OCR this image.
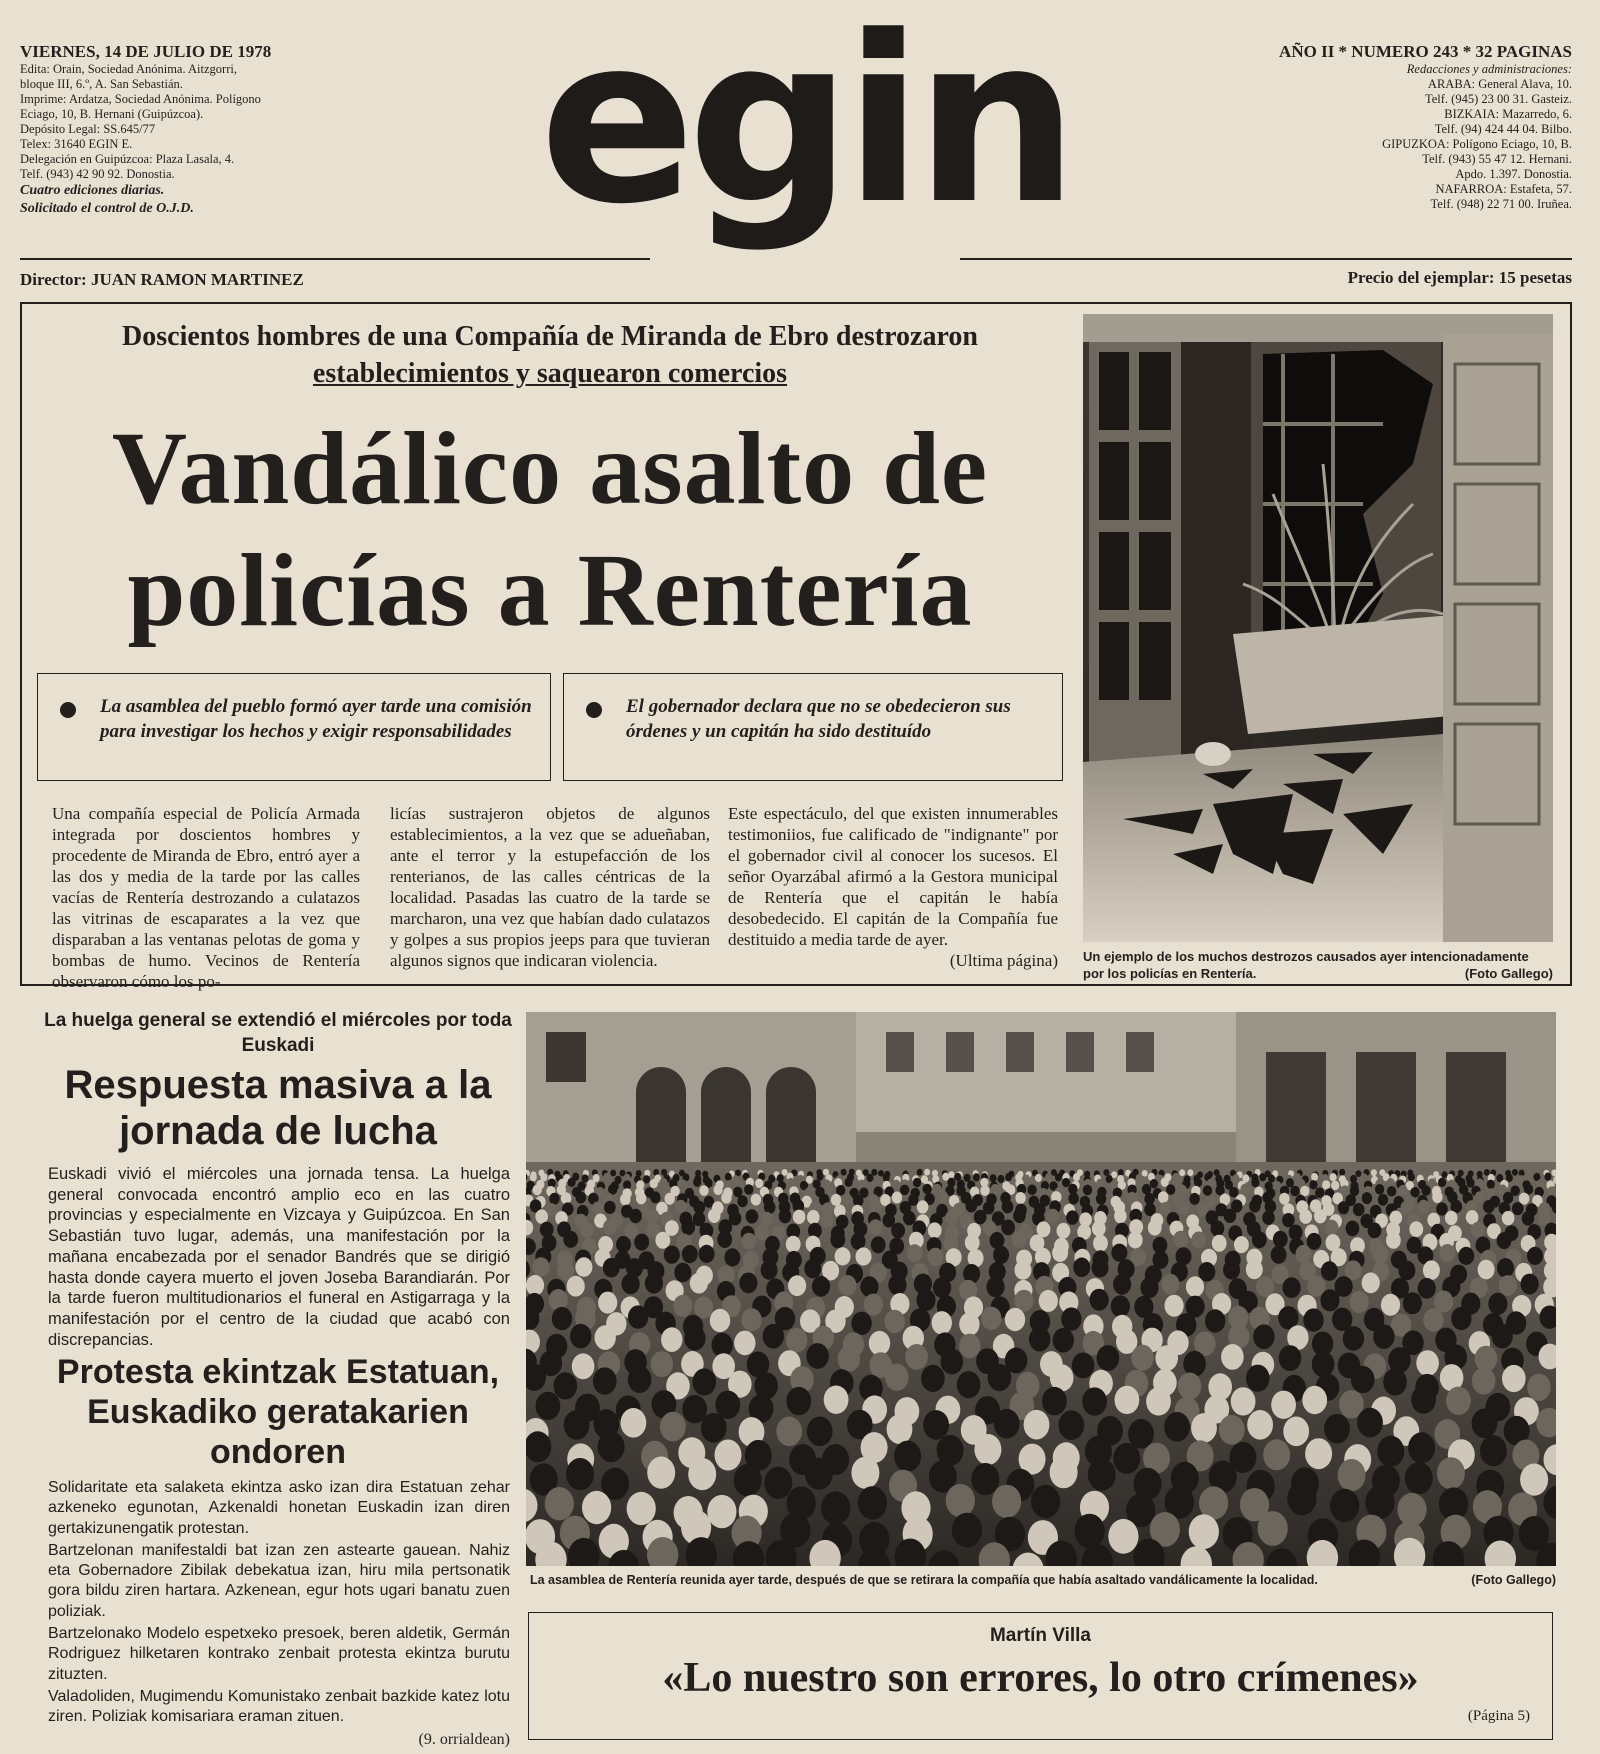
VIERNES, 14 DE JULIO DE 1978
Edita: Orain, Sociedad Anónima. Aitzgorri,
bloque III, 6.º, A. San Sebastián.
Imprime: Ardatza, Sociedad Anónima. Polígono
Eciago, 10, B. Hernani (Guipúzcoa).
Depósito Legal: SS.645/77
Telex: 31640 EGIN E.
Delegación en Guipúzcoa: Plaza Lasala, 4.
Telf. (943) 42 90 92. Donostia.
Cuatro ediciones diarias.
Solicitado el control de O.J.D.	egin	AÑO II * NUMERO 243 * 32 PAGINAS
Redacciones y administraciones:
ARABA: General Alava, 10.
Telf. (945) 23 00 31. Gasteiz.
BIZKAIA: Mazarredo, 6.
Telf. (94) 424 44 04. Bilbo.
GIPUZKOA: Polígono Eciago, 10, B.
Telf. (943) 55 47 12. Hernani.
Apdo. 1.397. Donostia.
NAFARROA: Estafeta, 57.
Telf. (948) 22 71 00. Iruñea.
Director: JUAN RAMON MARTINEZ	Precio del ejemplar: 15 pesetas
Doscientos hombres de una Compañía de Miranda de Ebro destrozaron
establecimientos y saquearon comercios
Vandálico asalto de
policías a Rentería
La asamblea del pueblo formó ayer tarde una comisión para investigar los hechos y exigir responsabilidades
El gobernador declara que no se obedecieron sus órdenes y un capitán ha sido destituído
Una compañía especial de Policía Armada integrada por doscientos hombres y procedente de Miranda de Ebro, entró ayer a las dos y media de la tarde por las calles vacías de Rentería destrozando a culatazos las vitrinas de escaparates a la vez que disparaban a las ventanas pelotas de goma y bombas de humo. Vecinos de Rentería observaron cómo los po-
licías sustrajeron objetos de algunos establecimientos, a la vez que se adueñaban, ante el terror y la estupefacción de los renterianos, de las calles céntricas de la localidad. Pasadas las cuatro de la tarde se marcharon, una vez que habían dado culatazos y golpes a sus propios jeeps para que tuvieran algunos signos que indicaran violencia.
Este espectáculo, del que existen innumerables testimoniios, fue calificado de "indignante" por el gobernador civil al conocer los sucesos. El señor Oyarzábal afirmó a la Gestora municipal de Rentería que el capitán le había desobedecido. El capitán de la Compañía fue destituido a media tarde de ayer.
(Ultima página) Un ejemplo de los muchos destrozos causados ayer intencionadamente por los policías en Rentería.	(Foto Gallego)
La huelga general se extendió el miércoles por toda Euskadi
Respuesta masiva a la jornada de lucha
Euskadi vivió el miércoles una jornada tensa. La huelga general convocada encontró amplio eco en las cuatro provincias y especialmente en Vizcaya y Guipúzcoa. En San Sebastián tuvo lugar, además, una manifestación por la mañana encabezada por el senador Bandrés que se dirigió hasta donde cayera muerto el joven Joseba Barandiarán. Por la tarde fueron multitudionarios el funeral en Astigarraga y la manifestación por el centro de la ciudad que acabó con discrepancias.
Protesta ekintzak Estatuan, Euskadiko geratakarien ondoren

Solidaritate eta salaketa ekintza asko izan dira Estatuan zehar azkeneko egunotan, Azkenaldi honetan Euskadin izan diren gertakizunengatik protestan.

Bartzelonan manifestaldi bat izan zen astearte gauean. Nahiz eta Gobernadore Zibilak debekatua izan, hiru mila pertsonatik gora bildu ziren hartara. Azkenean, egur hots ugari banatu zuen poliziak.

Bartzelonako Modelo espetxeko presoek, beren aldetik, Germán Rodriguez hilketaren kontrako zenbait protesta ekintza burutu zituzten.

Valadoliden, Mugimendu Komunistako zenbait bazkide katez lotu ziren. Poliziak komisariara eraman zituen.

(9. orrialdean)
La asamblea de Rentería reunida ayer tarde, después de que se retirara la compañía que había asaltado vandálicamente la localidad.	(Foto Gallego)
Martín Villa
«Lo nuestro son errores, lo otro crímenes»
(Página 5)
